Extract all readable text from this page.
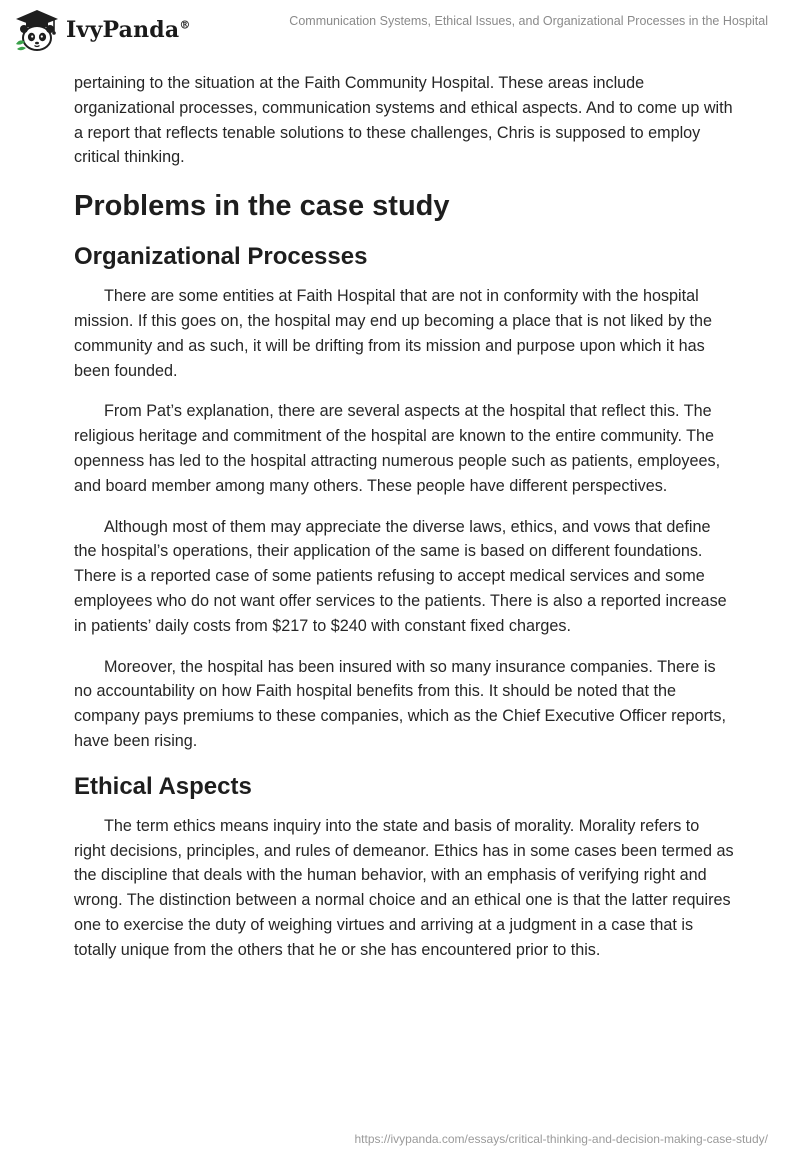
IvyPanda®	Communication Systems, Ethical Issues, and Organizational Processes in the Hospital

pertaining to the situation at the Faith Community Hospital. These areas include organizational processes, communication systems and ethical aspects. And to come up with a report that reflects tenable solutions to these challenges, Chris is supposed to employ critical thinking.

Problems in the case study
Organizational Processes

There are some entities at Faith Hospital that are not in conformity with the hospital mission. If this goes on, the hospital may end up becoming a place that is not liked by the community and as such, it will be drifting from its mission and purpose upon which it has been founded.

From Pat’s explanation, there are several aspects at the hospital that reflect this. The religious heritage and commitment of the hospital are known to the entire community. The openness has led to the hospital attracting numerous people such as patients, employees, and board member among many others. These people have different perspectives.

Although most of them may appreciate the diverse laws, ethics, and vows that define the hospital’s operations, their application of the same is based on different foundations. There is a reported case of some patients refusing to accept medical services and some employees who do not want offer services to the patients. There is also a reported increase in patients’ daily costs from $217 to $240 with constant fixed charges.

Moreover, the hospital has been insured with so many insurance companies. There is no accountability on how Faith hospital benefits from this. It should be noted that the company pays premiums to these companies, which as the Chief Executive Officer reports, have been rising.

Ethical Aspects

The term ethics means inquiry into the state and basis of morality. Morality refers to right decisions, principles, and rules of demeanor. Ethics has in some cases been termed as the discipline that deals with the human behavior, with an emphasis of verifying right and wrong. The distinction between a normal choice and an ethical one is that the latter requires one to exercise the duty of weighing virtues and arriving at a judgment in a case that is totally unique from the others that he or she has encountered prior to this.

https://ivypanda.com/essays/critical-thinking-and-decision-making-case-study/
